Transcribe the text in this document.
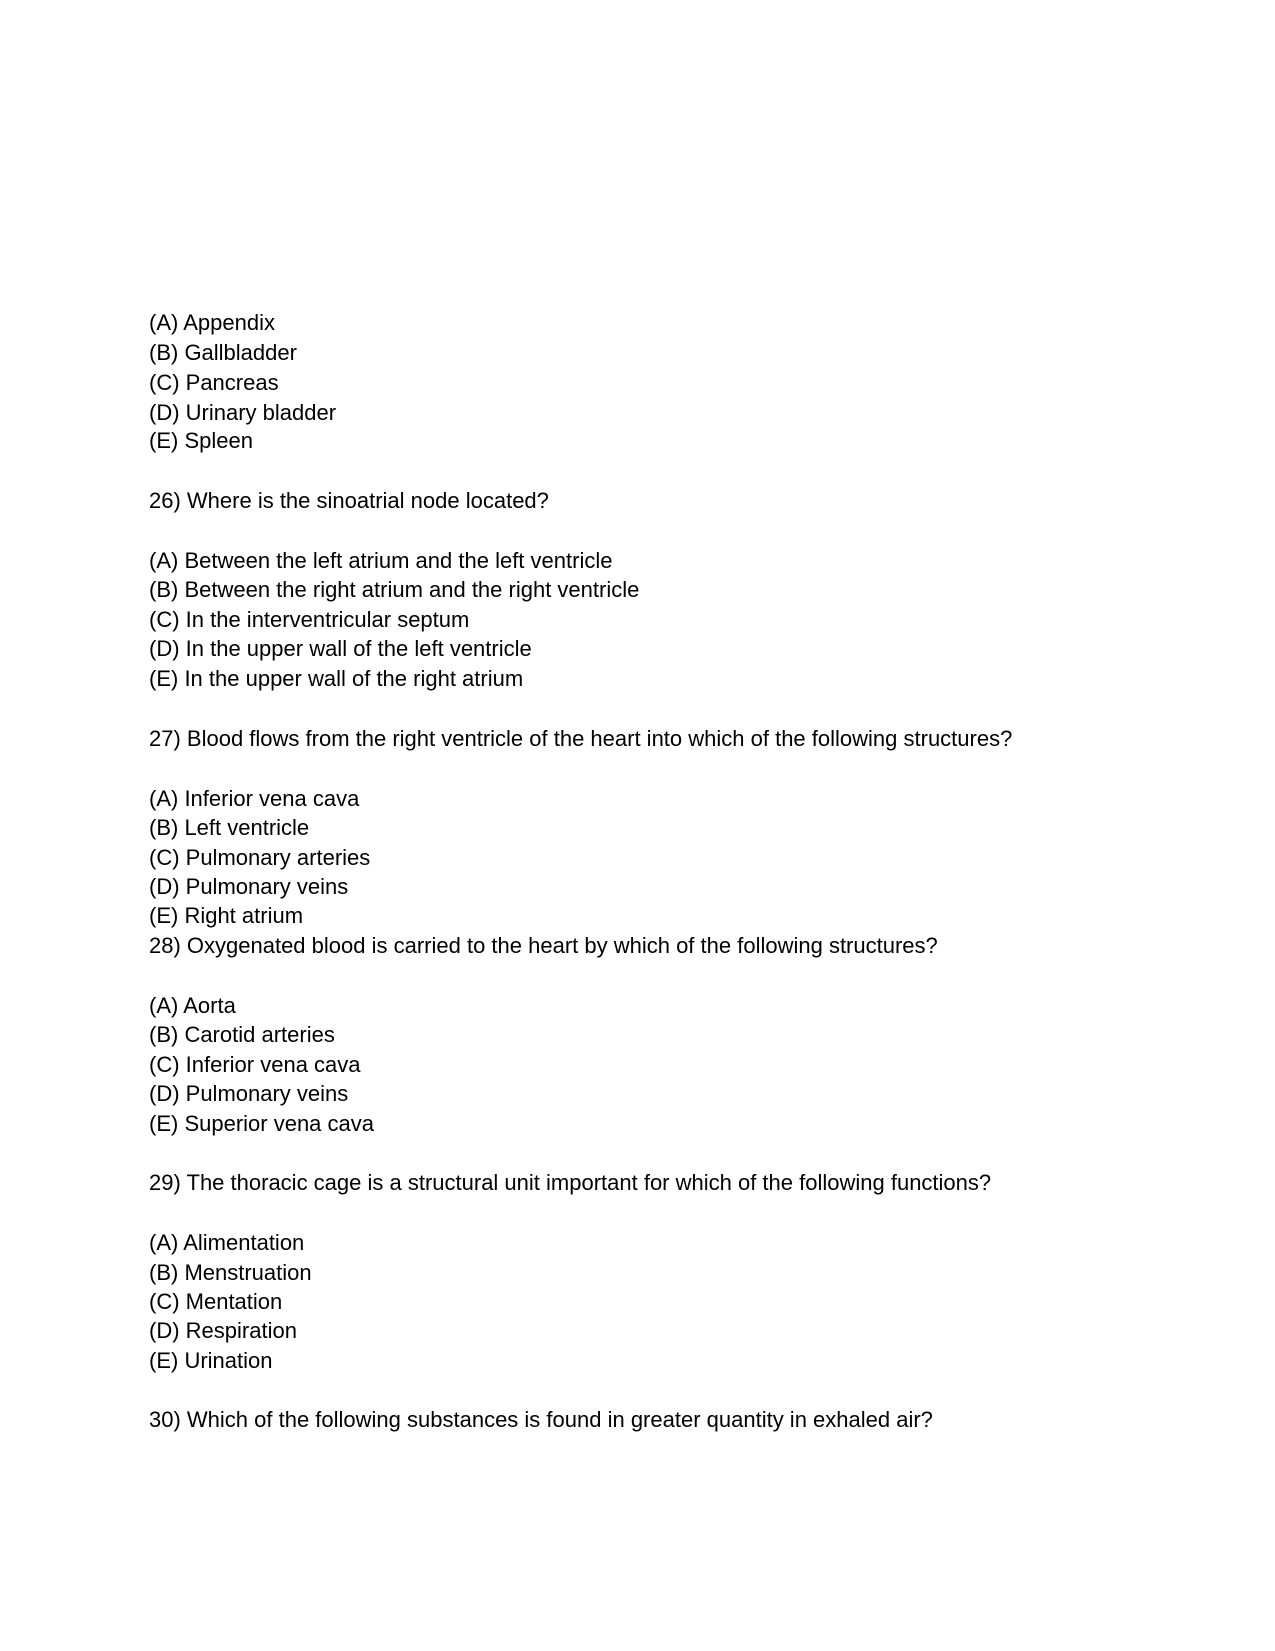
(A) Appendix
(B) Gallbladder
(C) Pancreas
(D) Urinary bladder
(E) Spleen
26) Where is the sinoatrial node located?
(A) Between the left atrium and the left ventricle
(B) Between the right atrium and the right ventricle
(C) In the interventricular septum
(D) In the upper wall of the left ventricle
(E) In the upper wall of the right atrium
27) Blood flows from the right ventricle of the heart into which of the following structures?
(A) Inferior vena cava
(B) Left ventricle
(C) Pulmonary arteries
(D) Pulmonary veins
(E) Right atrium
28) Oxygenated blood is carried to the heart by which of the following structures?
(A) Aorta
(B) Carotid arteries
(C) Inferior vena cava
(D) Pulmonary veins
(E) Superior vena cava
29) The thoracic cage is a structural unit important for which of the following functions?
(A) Alimentation
(B) Menstruation
(C) Mentation
(D) Respiration
(E) Urination
30) Which of the following substances is found in greater quantity in exhaled air?
